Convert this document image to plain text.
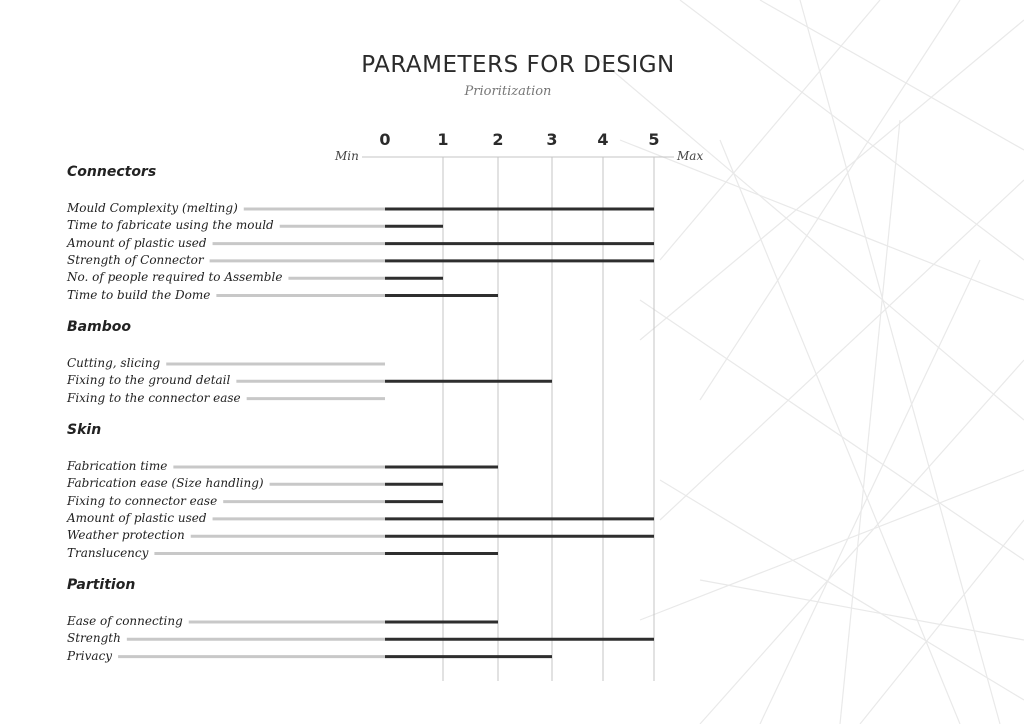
PARAMETERS FOR DESIGN
Prioritization
Min	Max
0	1	2	3	4	5
Connectors
Mould Complexity (melting)
Time to fabricate using the mould
Amount of plastic used
Strength of Connector
No. of people required to Assemble
Time to build the Dome
Bamboo
Cutting, slicing
Fixing to the ground detail
Fixing to the connector ease
Skin
Fabrication time
Fabrication ease (Size handling)
Fixing to connector ease
Amount of plastic used
Weather protection
Translucency
Partition
Ease of connecting
Strength
Privacy
